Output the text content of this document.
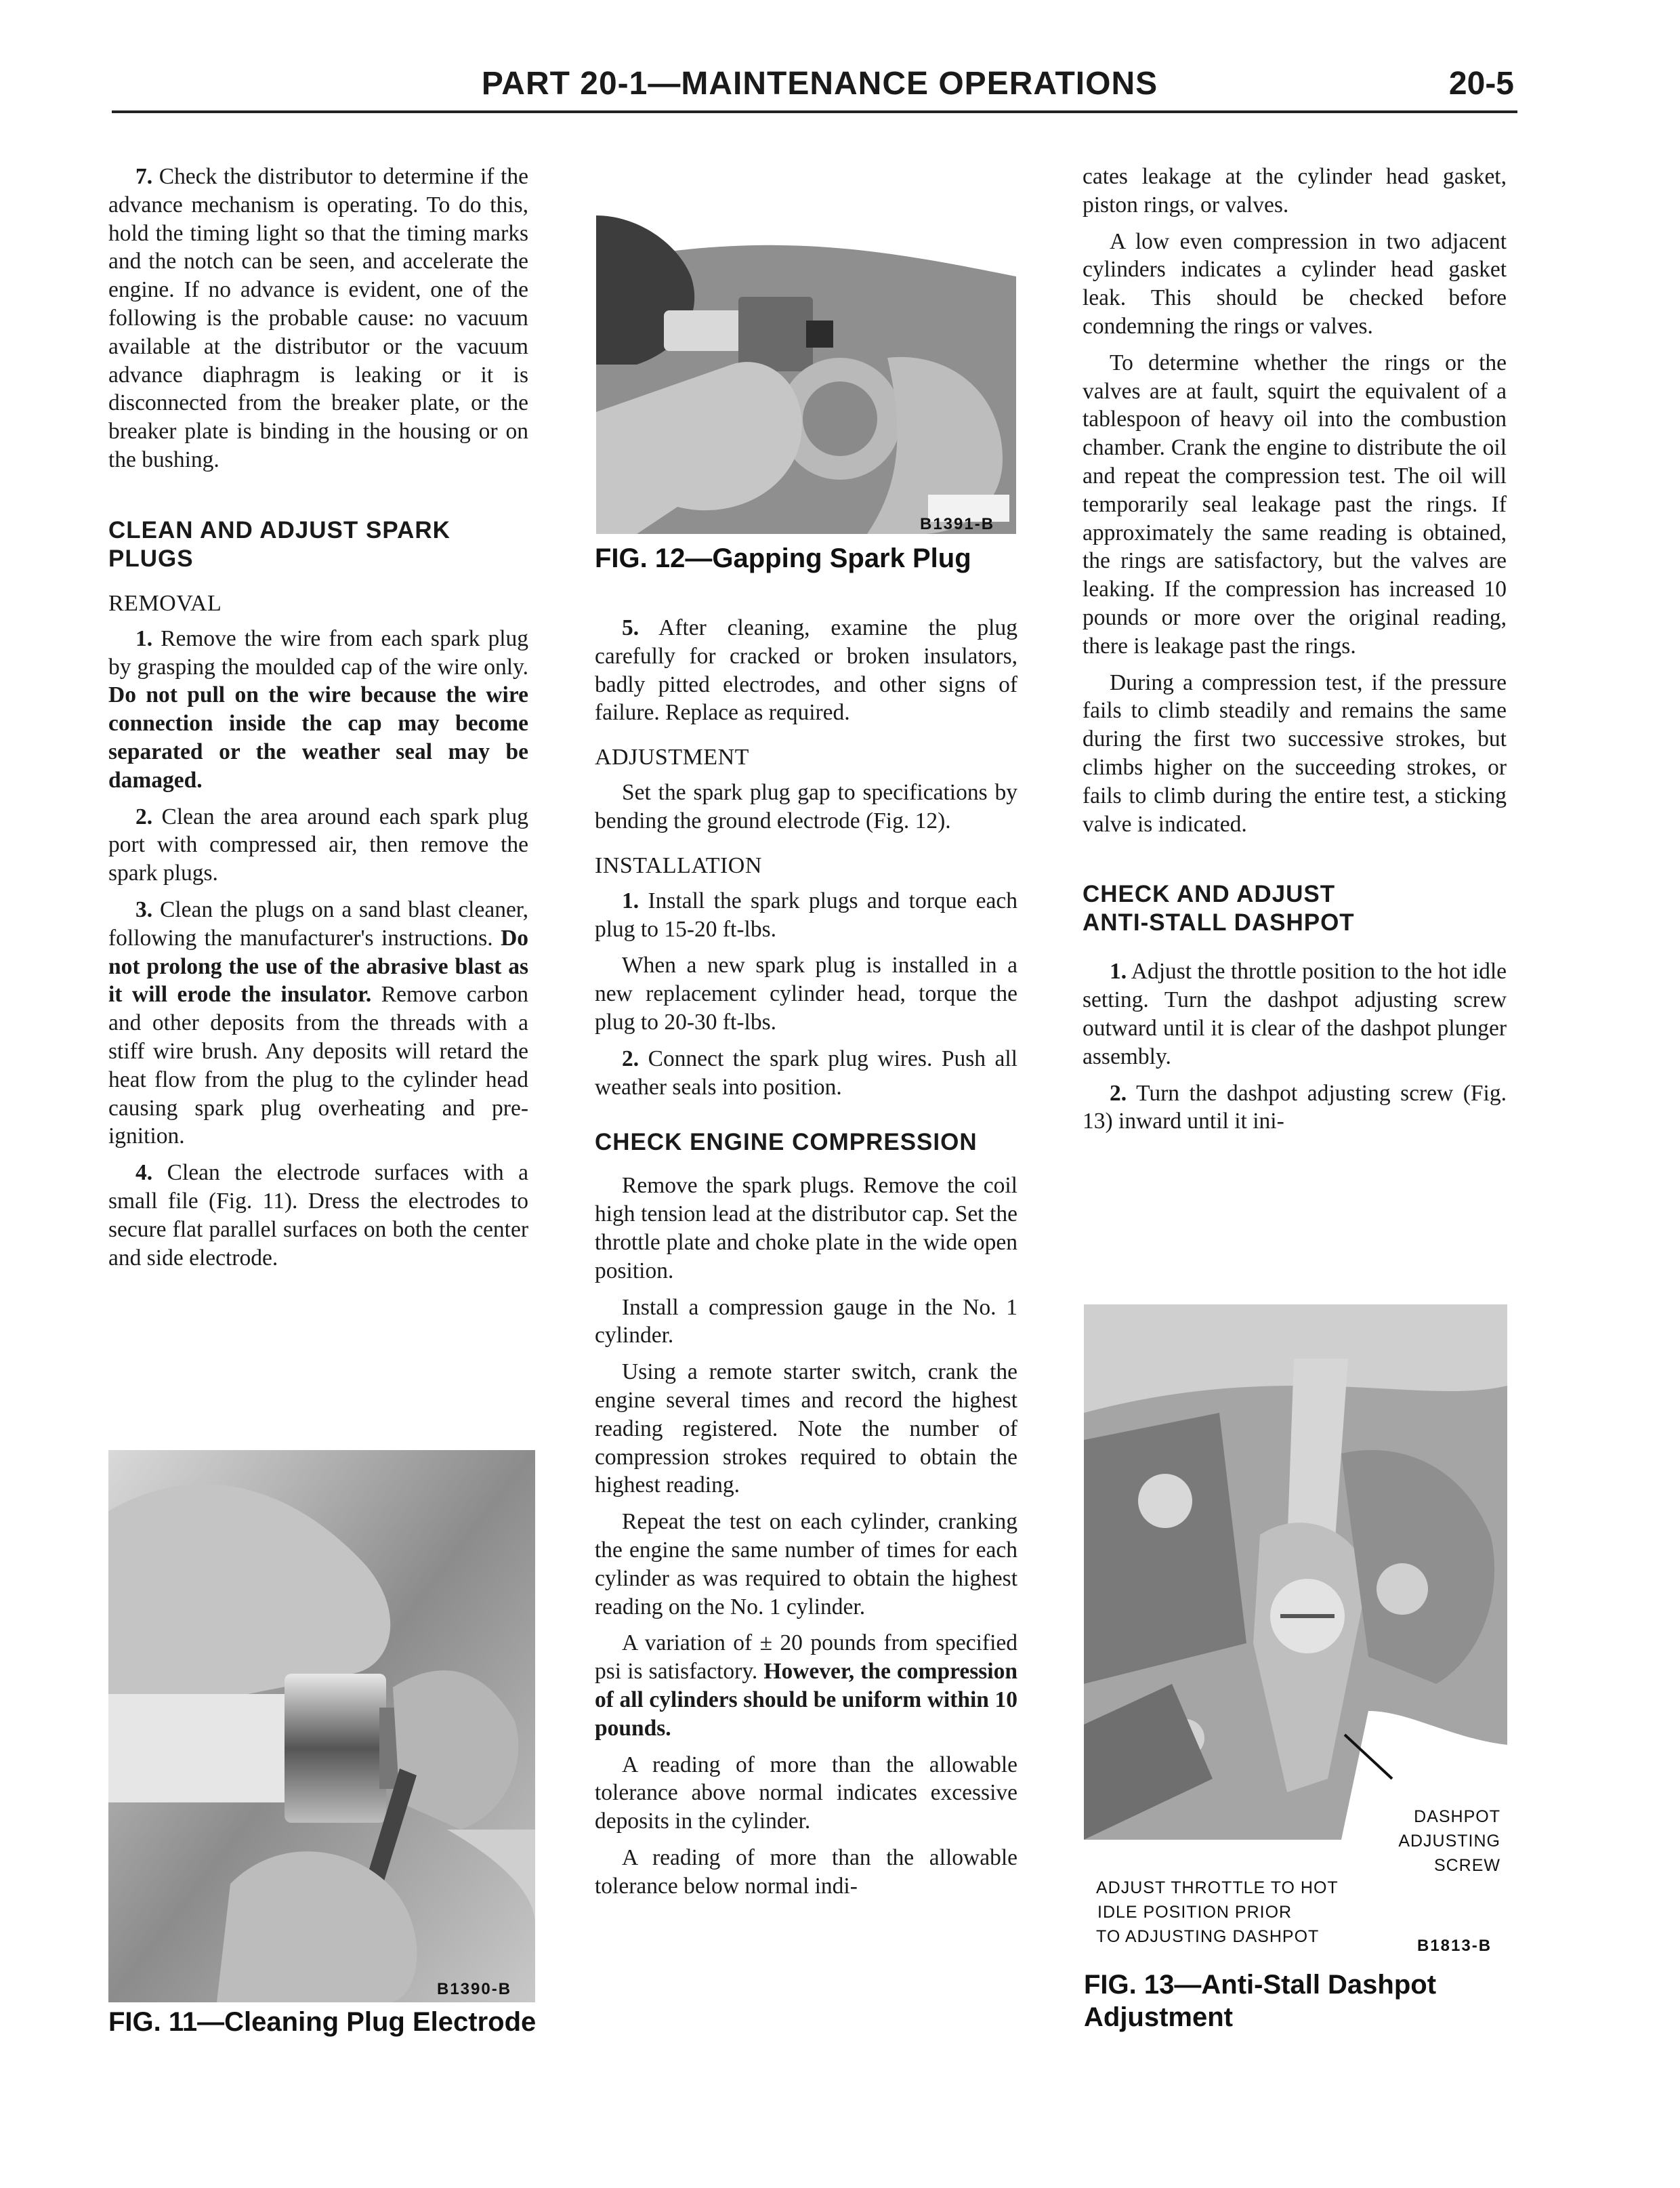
PART 20-1—MAINTENANCE OPERATIONS	20-5

7. Check the distributor to determine if the advance mechanism is operating. To do this, hold the timing light so that the timing marks and the notch can be seen, and accelerate the engine. If no advance is evident, one of the following is the probable cause: no vacuum available at the distributor or the vacuum advance diaphragm is leaking or it is disconnected from the breaker plate, or the breaker plate is binding in the housing or on the bushing.

CLEAN AND ADJUST SPARK PLUGS
REMOVAL

1. Remove the wire from each spark plug by grasping the moulded cap of the wire only. Do not pull on the wire because the wire connection inside the cap may become separated or the weather seal may be damaged.

2. Clean the area around each spark plug port with compressed air, then remove the spark plugs.

3. Clean the plugs on a sand blast cleaner, following the manufacturer's instructions. Do not prolong the use of the abrasive blast as it will erode the insulator. Remove carbon and other deposits from the threads with a stiff wire brush. Any deposits will retard the heat flow from the plug to the cylinder head causing spark plug overheating and pre-ignition.

4. Clean the electrode surfaces with a small file (Fig. 11). Dress the electrodes to secure flat parallel surfaces on both the center and side electrode.

B1390-B
FIG. 11—Cleaning Plug Electrode
B1391-B
FIG. 12—Gapping Spark Plug

5. After cleaning, examine the plug carefully for cracked or broken insulators, badly pitted electrodes, and other signs of failure. Replace as required.

ADJUSTMENT

Set the spark plug gap to specifications by bending the ground electrode (Fig. 12).

INSTALLATION

1. Install the spark plugs and torque each plug to 15-20 ft-lbs.

When a new spark plug is installed in a new replacement cylinder head, torque the plug to 20-30 ft-lbs.

2. Connect the spark plug wires. Push all weather seals into position.

CHECK ENGINE COMPRESSION

Remove the spark plugs. Remove the coil high tension lead at the distributor cap. Set the throttle plate and choke plate in the wide open position.

Install a compression gauge in the No. 1 cylinder.

Using a remote starter switch, crank the engine several times and record the highest reading registered. Note the number of compression strokes required to obtain the highest reading.

Repeat the test on each cylinder, cranking the engine the same number of times for each cylinder as was required to obtain the highest reading on the No. 1 cylinder.

A variation of ± 20 pounds from specified psi is satisfactory. However, the compression of all cylinders should be uniform within 10 pounds.

A reading of more than the allowable tolerance above normal indicates excessive deposits in the cylinder.

A reading of more than the allowable tolerance below normal indi-

cates leakage at the cylinder head gasket, piston rings, or valves.

A low even compression in two adjacent cylinders indicates a cylinder head gasket leak. This should be checked before condemning the rings or valves.

To determine whether the rings or the valves are at fault, squirt the equivalent of a tablespoon of heavy oil into the combustion chamber. Crank the engine to distribute the oil and repeat the compression test. The oil will temporarily seal leakage past the rings. If approximately the same reading is obtained, the rings are satisfactory, but the valves are leaking. If the compression has increased 10 pounds or more over the original reading, there is leakage past the rings.

During a compression test, if the pressure fails to climb steadily and remains the same during the first two successive strokes, but climbs higher on the succeeding strokes, or fails to climb during the entire test, a sticking valve is indicated.

CHECK AND ADJUST ANTI-STALL DASHPOT

1. Adjust the throttle position to the hot idle setting. Turn the dashpot adjusting screw outward until it is clear of the dashpot plunger assembly.

2. Turn the dashpot adjusting screw (Fig. 13) inward until it ini-

DASHPOT
ADJUSTING SCREW
ADJUST THROTTLE TO HOT
IDLE POSITION PRIOR
TO ADJUSTING DASHPOT	B1813-B
FIG. 13—Anti-Stall Dashpot
Adjustment
